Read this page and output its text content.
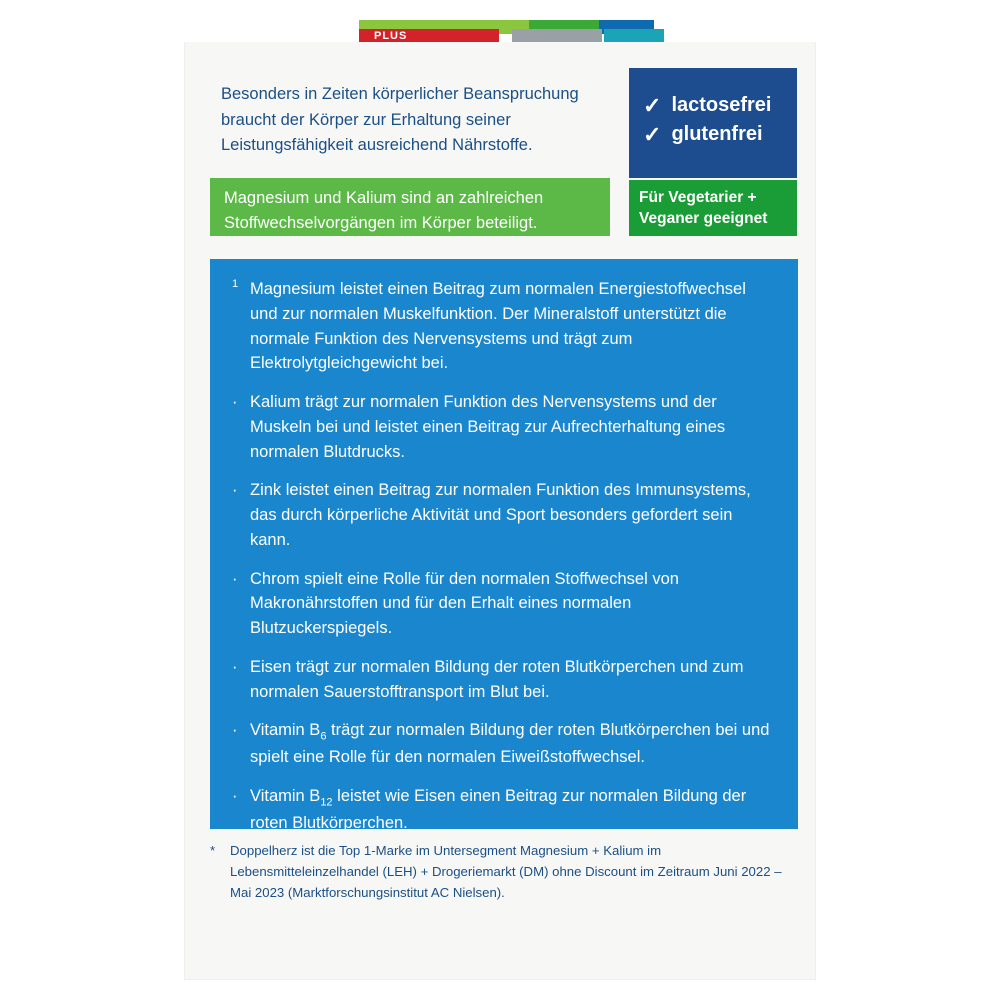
PLUS
Besonders in Zeiten körperlicher Beanspruchung braucht der Körper zur Erhaltung seiner Leistungsfähigkeit ausreichend Nährstoffe.
✓ lactosefrei
✓ glutenfrei
Magnesium und Kalium sind an zahlreichen Stoffwechselvorgängen im Körper beteiligt.
Für Vegetarier +
Veganer geeignet
1 Magnesium leistet einen Beitrag zum normalen Energiestoffwechsel und zur normalen Muskelfunktion. Der Mineralstoff unterstützt die normale Funktion des Nervensystems und trägt zum Elektrolytgleichgewicht bei.
· Kalium trägt zur normalen Funktion des Nervensystems und der Muskeln bei und leistet einen Beitrag zur Aufrechterhaltung eines normalen Blutdrucks.
· Zink leistet einen Beitrag zur normalen Funktion des Immunsystems, das durch körperliche Aktivität und Sport besonders gefordert sein kann.
· Chrom spielt eine Rolle für den normalen Stoffwechsel von Makronährstoffen und für den Erhalt eines normalen Blutzuckerspiegels.
· Eisen trägt zur normalen Bildung der roten Blutkörperchen und zum normalen Sauerstofftransport im Blut bei.
· Vitamin $B_6$ trägt zur normalen Bildung der roten Blutkörperchen bei und spielt eine Rolle für den normalen Eiweißstoffwechsel.
· Vitamin $B_{12}$ leistet wie Eisen einen Beitrag zur normalen Bildung der roten Blutkörperchen.
* Doppelherz ist die Top 1-Marke im Untersegment Magnesium + Kalium im Lebensmitteleinzelhandel (LEH) + Drogeriemarkt (DM) ohne Discount im Zeitraum Juni 2022 – Mai 2023 (Marktforschungsinstitut AC Nielsen).
